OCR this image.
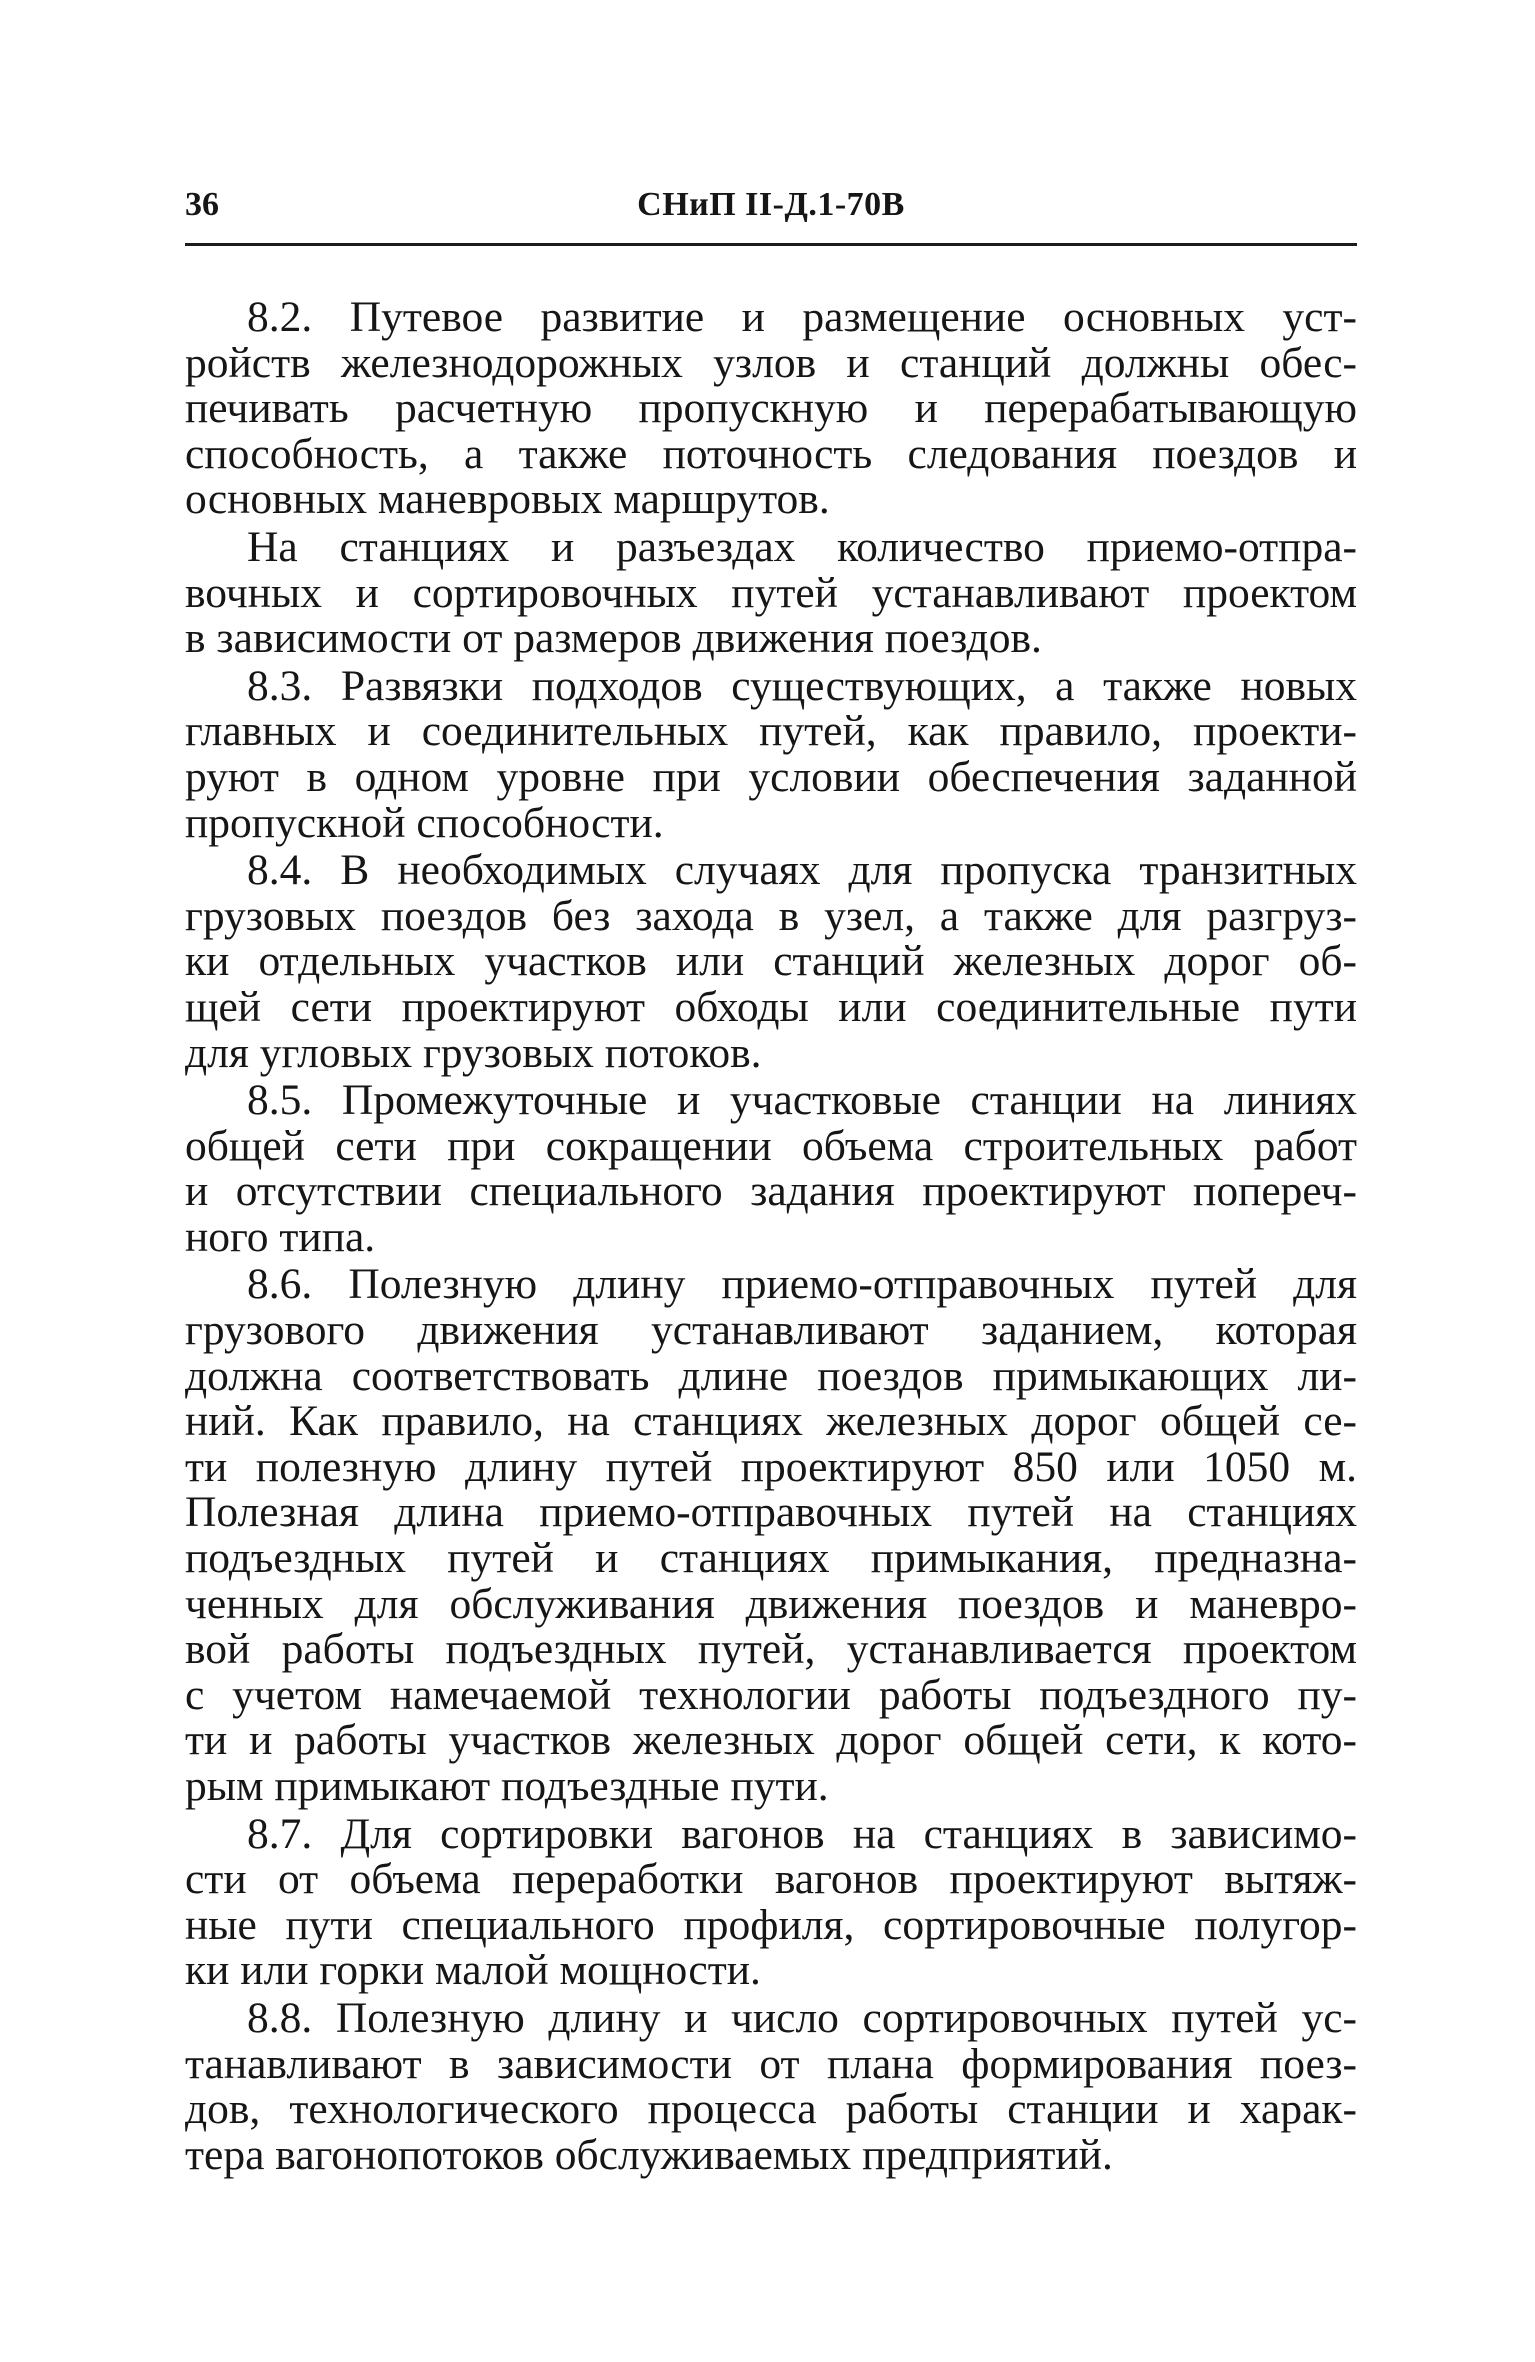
36	СНиП II-Д.1-70В
8.2. Путевое развитие и размещение основных уст-
ройств железнодорожных узлов и станций должны обес-
печивать расчетную пропускную и перерабатывающую
способность, а также поточность следования поездов и
основных маневровых маршрутов.
На станциях и разъездах количество приемо-отпра-
вочных и сортировочных путей устанавливают проектом
в зависимости от размеров движения поездов.
8.3. Развязки подходов существующих, а также новых
главных и соединительных путей, как правило, проекти-
руют в одном уровне при условии обеспечения заданной
пропускной способности.
8.4. В необходимых случаях для пропуска транзитных
грузовых поездов без захода в узел, а также для разгруз-
ки отдельных участков или станций железных дорог об-
щей сети проектируют обходы или соединительные пути
для угловых грузовых потоков.
8.5. Промежуточные и участковые станции на линиях
общей сети при сокращении объема строительных работ
и отсутствии специального задания проектируют попереч-
ного типа.
8.6. Полезную длину приемо-отправочных путей для
грузового движения устанавливают заданием, которая
должна соответствовать длине поездов примыкающих ли-
ний. Как правило, на станциях железных дорог общей се-
ти полезную длину путей проектируют 850 или 1050 м.
Полезная длина приемо-отправочных путей на станциях
подъездных путей и станциях примыкания, предназна-
ченных для обслуживания движения поездов и маневро-
вой работы подъездных путей, устанавливается проектом
с учетом намечаемой технологии работы подъездного пу-
ти и работы участков железных дорог общей сети, к кото-
рым примыкают подъездные пути.
8.7. Для сортировки вагонов на станциях в зависимо-
сти от объема переработки вагонов проектируют вытяж-
ные пути специального профиля, сортировочные полугор-
ки или горки малой мощности.
8.8. Полезную длину и число сортировочных путей ус-
танавливают в зависимости от плана формирования поез-
дов, технологического процесса работы станции и харак-
тера вагонопотоков обслуживаемых предприятий.
